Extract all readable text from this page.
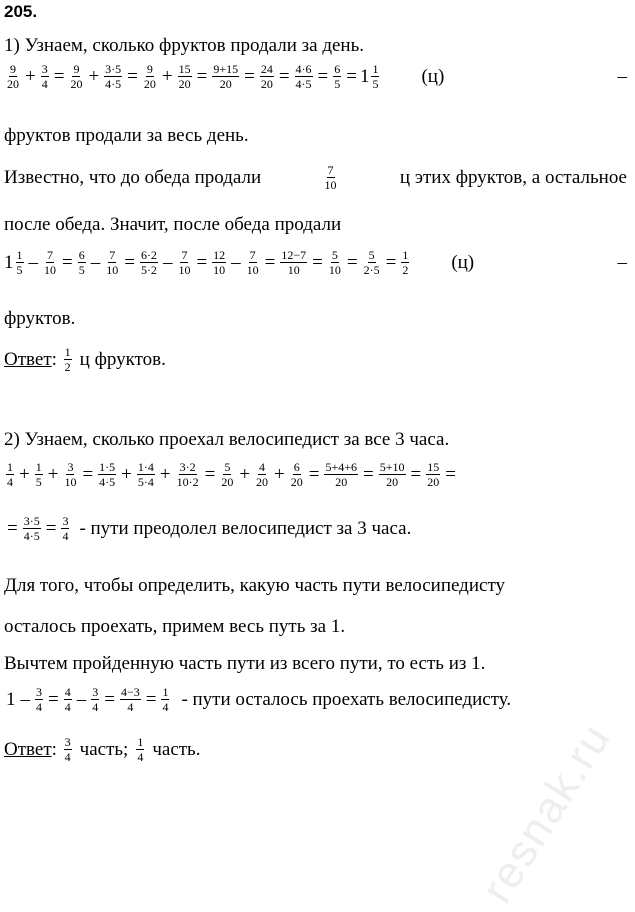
205.
1) Узнаем, сколько фруктов продали за день.
$\frac{9}{20} + \frac{3}{4} = \frac{9}{20} + \frac{3\cdot 5}{4\cdot 5} = \frac{9}{20} + \frac{15}{20} = \frac{9+15}{20} = \frac{24}{20} = \frac{4\cdot 6}{4\cdot 5} = \frac{6}{5} = 1 \frac{1}{5} (ц)$	–
фруктов продали за весь день.
Известно, что до обеда продали	$\frac{7}{10}$	ц этих фруктов, а остальное
после обеда. Значит, после обеда продали
$1 \frac{1}{5} - \frac{7}{10} = \frac{6}{5} - \frac{7}{10} = \frac{6\cdot 2}{5\cdot 2} - \frac{7}{10} = \frac{12}{10} - \frac{7}{10} = \frac{12-7}{10} = \frac{5}{10} = \frac{5}{2\cdot 5} = \frac{1}{2} (ц)$	–
фруктов.
Ответ : $\frac{1}{2}$ ц фруктов.
2) Узнаем, сколько проехал велосипедист за все 3 часа.
$\frac{1}{4} + \frac{1}{5} + \frac{3}{10} = \frac{1\cdot 5}{4\cdot 5} + \frac{1\cdot 4}{5\cdot 4} + \frac{3\cdot 2}{10\cdot 2} = \frac{5}{20} + \frac{4}{20} + \frac{6}{20} = \frac{5+4+6}{20} = \frac{5+10}{20} = \frac{15}{20}$ =
= $\frac{3\cdot 5}{4\cdot 5} = \frac{3}{4}$ - пути преодолел велосипедист за 3 часа.
Для того, чтобы определить, какую часть пути велосипедисту
осталось проехать, примем весь путь за 1.
Вычтем пройденную часть пути из всего пути, то есть из 1.
$1 - \frac{3}{4} = \frac{4}{4} - \frac{3}{4} = \frac{4-3}{4} = \frac{1}{4}$ - пути осталось проехать велосипедисту.
Ответ : $\frac{3}{4}$ часть; $\frac{1}{4}$ часть.	resnak.ru
